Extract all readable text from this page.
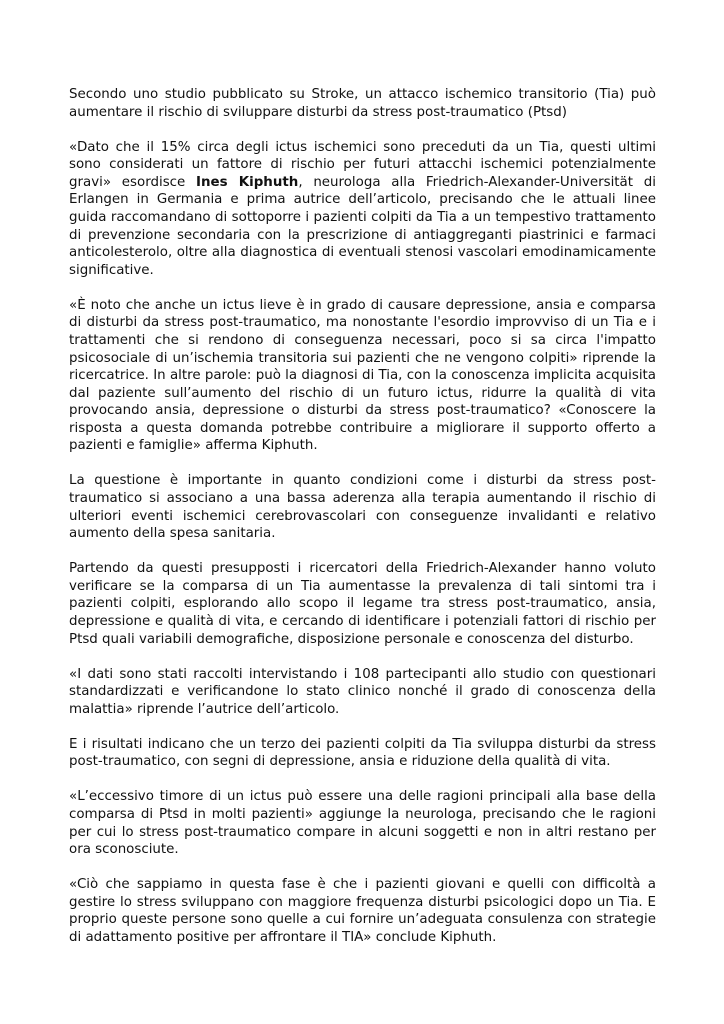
Secondo uno studio pubblicato su Stroke, un attacco ischemico transitorio (Tia) può aumentare il rischio di sviluppare disturbi da stress post-traumatico (Ptsd)

«Dato che il 15% circa degli ictus ischemici sono preceduti da un Tia, questi ultimi sono considerati un fattore di rischio per futuri attacchi ischemici potenzialmente gravi» esordisce Ines Kiphuth, neurologa alla Friedrich-Alexander-Universität di Erlangen in Germania e prima autrice dell’articolo, precisando che le attuali linee guida raccomandano di sottoporre i pazienti colpiti da Tia a un tempestivo trattamento di prevenzione secondaria con la prescrizione di antiaggreganti piastrinici e farmaci anticolesterolo, oltre alla diagnostica di eventuali stenosi vascolari emodinamicamente significative.

«È noto che anche un ictus lieve è in grado di causare depressione, ansia e comparsa di disturbi da stress post-traumatico, ma nonostante l'esordio improvviso di un Tia e i trattamenti che si rendono di conseguenza necessari, poco si sa circa l'impatto psicosociale di un’ischemia transitoria sui pazienti che ne vengono colpiti» riprende la ricercatrice. In altre parole: può la diagnosi di Tia, con la conoscenza implicita acquisita dal paziente sull’aumento del rischio di un futuro ictus, ridurre la qualità di vita provocando ansia, depressione o disturbi da stress post-traumatico? «Conoscere la risposta a questa domanda potrebbe contribuire a migliorare il supporto offerto a pazienti e famiglie» afferma Kiphuth.

La questione è importante in quanto condizioni come i disturbi da stress post-traumatico si associano a una bassa aderenza alla terapia aumentando il rischio di ulteriori eventi ischemici cerebrovascolari con conseguenze invalidanti e relativo aumento della spesa sanitaria.

Partendo da questi presupposti i ricercatori della Friedrich-Alexander hanno voluto verificare se la comparsa di un Tia aumentasse la prevalenza di tali sintomi tra i pazienti colpiti, esplorando allo scopo il legame tra stress post-traumatico, ansia, depressione e qualità di vita, e cercando di identificare i potenziali fattori di rischio per Ptsd quali variabili demografiche, disposizione personale e conoscenza del disturbo.

«I dati sono stati raccolti intervistando i 108 partecipanti allo studio con questionari standardizzati e verificandone lo stato clinico nonché il grado di conoscenza della malattia» riprende l’autrice dell’articolo.

E i risultati indicano che un terzo dei pazienti colpiti da Tia sviluppa disturbi da stress post-traumatico, con segni di depressione, ansia e riduzione della qualità di vita.

«L’eccessivo timore di un ictus può essere una delle ragioni principali alla base della comparsa di Ptsd in molti pazienti» aggiunge la neurologa, precisando che le ragioni per cui lo stress post-traumatico compare in alcuni soggetti e non in altri restano per ora sconosciute.

«Ciò che sappiamo in questa fase è che i pazienti giovani e quelli con difficoltà a gestire lo stress sviluppano con maggiore frequenza disturbi psicologici dopo un Tia. E proprio queste persone sono quelle a cui fornire un’adeguata consulenza con strategie di adattamento positive per affrontare il TIA» conclude Kiphuth.
